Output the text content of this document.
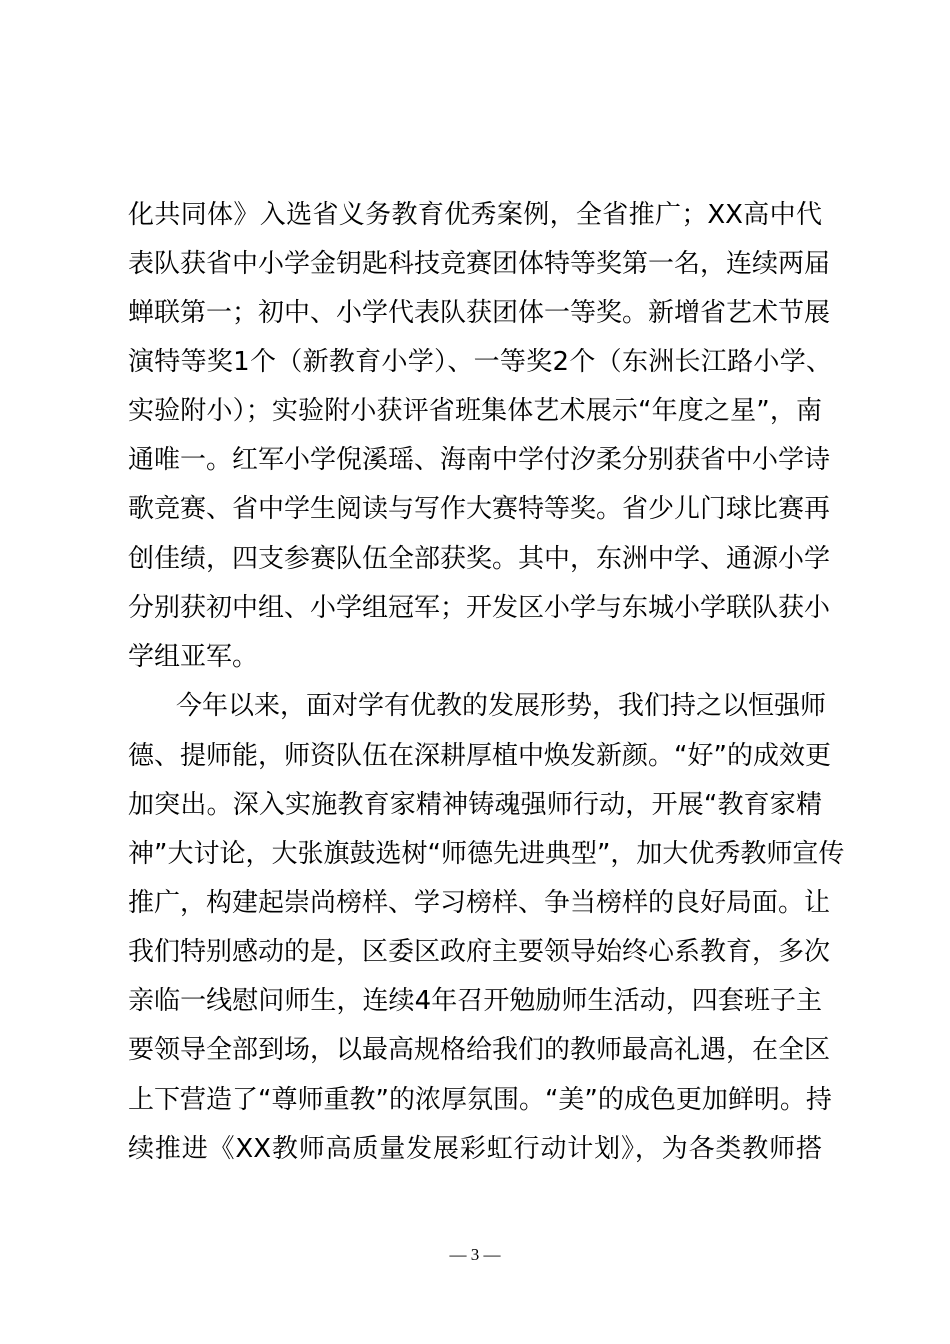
化共同体》入选省义务教育优秀案例，全省推广；XX高中代
表队获省中小学金钥匙科技竞赛团体特等奖第一名，连续两届
蝉联第一；初中、小学代表队获团体一等奖。新增省艺术节展
演特等奖1个（新教育小学）、一等奖2个（东洲长江路小学、
实验附小）；实验附小获评省班集体艺术展示“年度之星”，南
通唯一。红军小学倪溪瑶、海南中学付汐柔分别获省中小学诗
歌竞赛、省中学生阅读与写作大赛特等奖。省少儿门球比赛再
创佳绩，四支参赛队伍全部获奖。其中，东洲中学、通源小学
分别获初中组、小学组冠军；开发区小学与东城小学联队获小
学组亚军。
今年以来，面对学有优教的发展形势，我们持之以恒强师
德、提师能，师资队伍在深耕厚植中焕发新颜。“好”的成效更
加突出。深入实施教育家精神铸魂强师行动，开展“教育家精
神”大讨论，大张旗鼓选树“师德先进典型”，加大优秀教师宣传
推广，构建起崇尚榜样、学习榜样、争当榜样的良好局面。让
我们特别感动的是，区委区政府主要领导始终心系教育，多次
亲临一线慰问师生，连续4年召开勉励师生活动，四套班子主
要领导全部到场，以最高规格给我们的教师最高礼遇，在全区
上下营造了“尊师重教”的浓厚氛围。“美”的成色更加鲜明。持
续推进《XX教师高质量发展彩虹行动计划》，为各类教师搭
— 3 —
